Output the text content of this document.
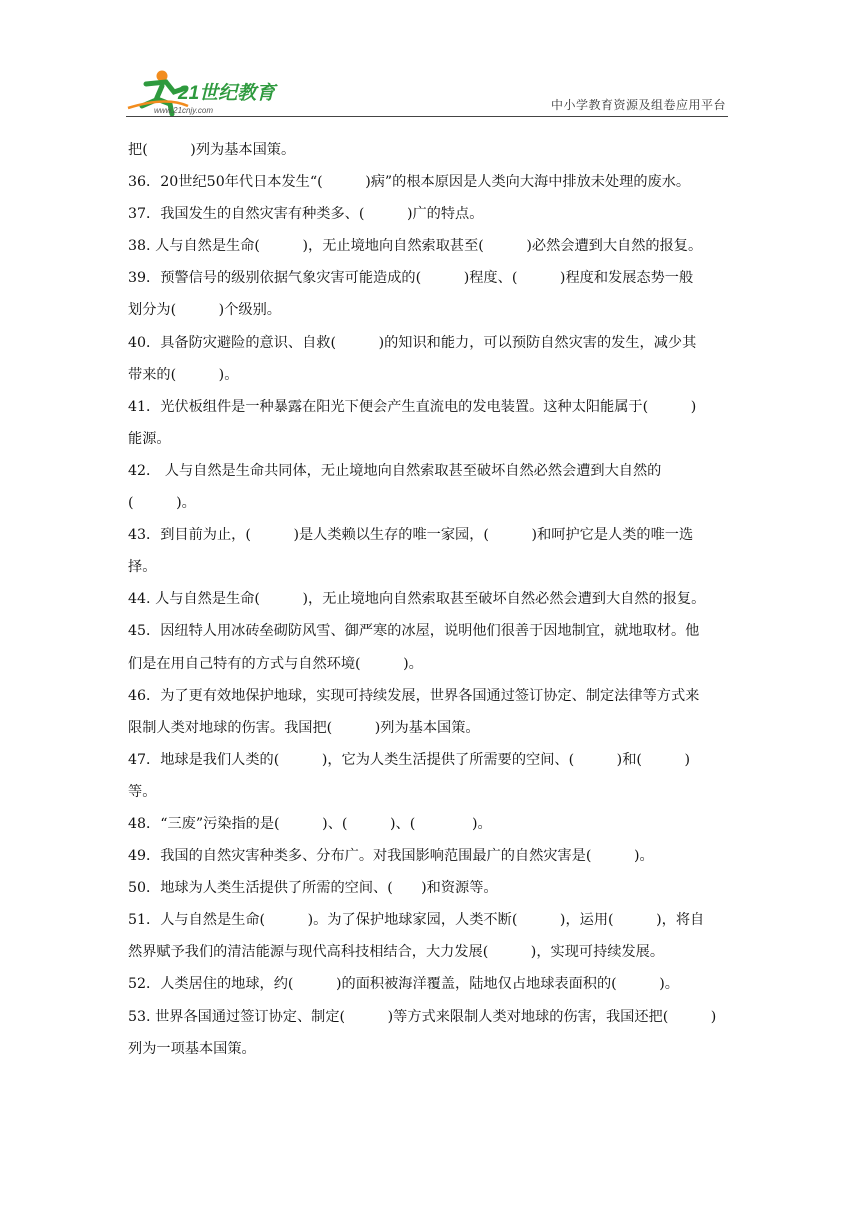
21世纪教育
www.21cnjy.com	中小学教育资源及组卷应用平台
把(　　　)列为基本国策。
36．20世纪50年代日本发生“(　　　)病”的根本原因是人类向大海中排放未处理的废水。
37．我国发生的自然灾害有种类多、(　　　)广的特点。
38. 人与自然是生命(　　　)，无止境地向自然索取甚至(　　　)必然会遭到大自然的报复。
39．预警信号的级别依据气象灾害可能造成的(　　　)程度、(　　　)程度和发展态势一般
划分为(　　　)个级别。
40．具备防灾避险的意识、自救(　　　)的知识和能力，可以预防自然灾害的发生，减少其
带来的(　　　)。
41．光伏板组件是一种暴露在阳光下便会产生直流电的发电装置。这种太阳能属于(　　　)
能源。
42． 人与自然是生命共同体，无止境地向自然索取甚至破坏自然必然会遭到大自然的
(　　　)。
43．到目前为止，(　　　)是人类赖以生存的唯一家园，(　　　)和呵护它是人类的唯一选
择。
44. 人与自然是生命(　　　)，无止境地向自然索取甚至破坏自然必然会遭到大自然的报复。
45．因纽特人用冰砖垒砌防风雪、御严寒的冰屋，说明他们很善于因地制宜，就地取材。他
们是在用自己特有的方式与自然环境(　　　)。
46．为了更有效地保护地球，实现可持续发展，世界各国通过签订协定、制定法律等方式来
限制人类对地球的伤害。我国把(　　　)列为基本国策。
47．地球是我们人类的(　　　)，它为人类生活提供了所需要的空间、(　　　)和(　　　)
等。
48．“三废”污染指的是(　　　)、(　　　)、(　　　　)。
49．我国的自然灾害种类多、分布广。对我国影响范围最广的自然灾害是(　　　)。
50．地球为人类生活提供了所需的空间、(　　)和资源等。
51．人与自然是生命(　　　)。为了保护地球家园，人类不断(　　　)，运用(　　　)，将自
然界赋予我们的清洁能源与现代高科技相结合，大力发展(　　　)，实现可持续发展。
52．人类居住的地球，约(　　　)的面积被海洋覆盖，陆地仅占地球表面积的(　　　)。
53. 世界各国通过签订协定、制定(　　　)等方式来限制人类对地球的伤害，我国还把(　　　)
列为一项基本国策。
